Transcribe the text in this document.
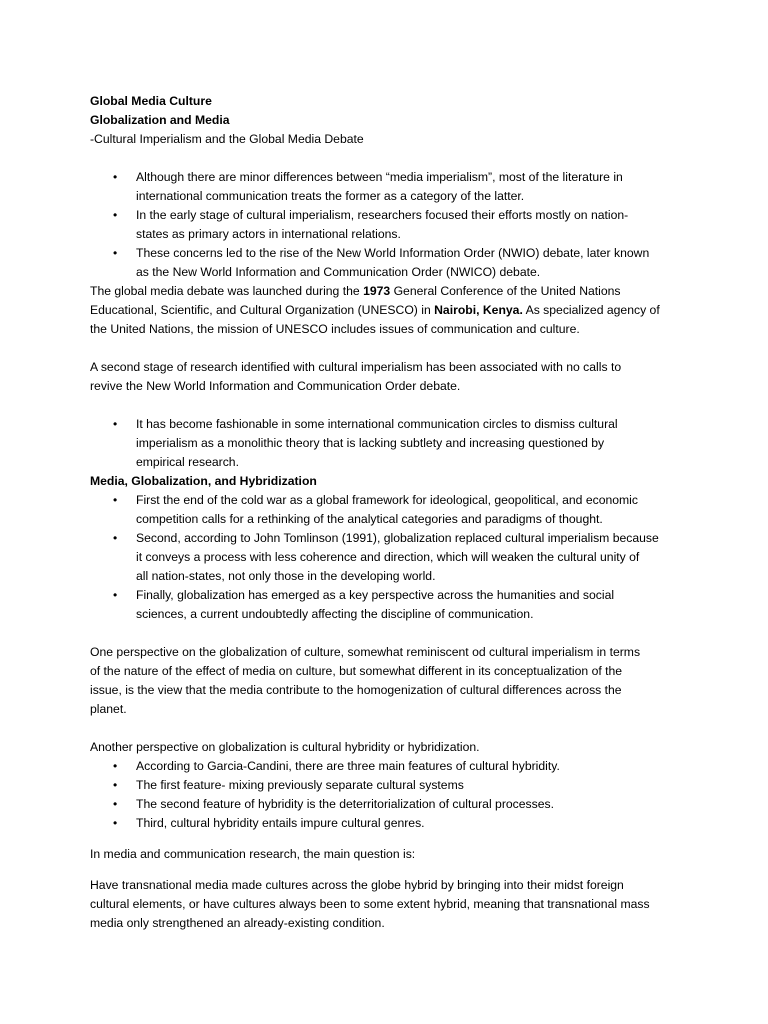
Global Media Culture

Globalization and Media

-Cultural Imperialism and the Global Media Debate

• Although there are minor differences between “media imperialism”, most of the literature in
international communication treats the former as a category of the latter.
• In the early stage of cultural imperialism, researchers focused their efforts mostly on nation-
states as primary actors in international relations.
• These concerns led to the rise of the New World Information Order (NWIO) debate, later known
as the New World Information and Communication Order (NWICO) debate.

The global media debate was launched during the 1973 General Conference of the United Nations
Educational, Scientific, and Cultural Organization (UNESCO) in Nairobi, Kenya. As specialized agency of
the United Nations, the mission of UNESCO includes issues of communication and culture.

A second stage of research identified with cultural imperialism has been associated with no calls to
revive the New World Information and Communication Order debate.

• It has become fashionable in some international communication circles to dismiss cultural
imperialism as a monolithic theory that is lacking subtlety and increasing questioned by
empirical research.

Media, Globalization, and Hybridization

• First the end of the cold war as a global framework for ideological, geopolitical, and economic
competition calls for a rethinking of the analytical categories and paradigms of thought.
• Second, according to John Tomlinson (1991), globalization replaced cultural imperialism because
it conveys a process with less coherence and direction, which will weaken the cultural unity of
all nation-states, not only those in the developing world.
• Finally, globalization has emerged as a key perspective across the humanities and social
sciences, a current undoubtedly affecting the discipline of communication.

One perspective on the globalization of culture, somewhat reminiscent od cultural imperialism in terms
of the nature of the effect of media on culture, but somewhat different in its conceptualization of the
issue, is the view that the media contribute to the homogenization of cultural differences across the
planet.

Another perspective on globalization is cultural hybridity or hybridization.

• According to Garcia-Candini, there are three main features of cultural hybridity.
• The first feature- mixing previously separate cultural systems
• The second feature of hybridity is the deterritorialization of cultural processes.
• Third, cultural hybridity entails impure cultural genres.

In media and communication research, the main question is:

Have transnational media made cultures across the globe hybrid by bringing into their midst foreign
cultural elements, or have cultures always been to some extent hybrid, meaning that transnational mass
media only strengthened an already-existing condition.
